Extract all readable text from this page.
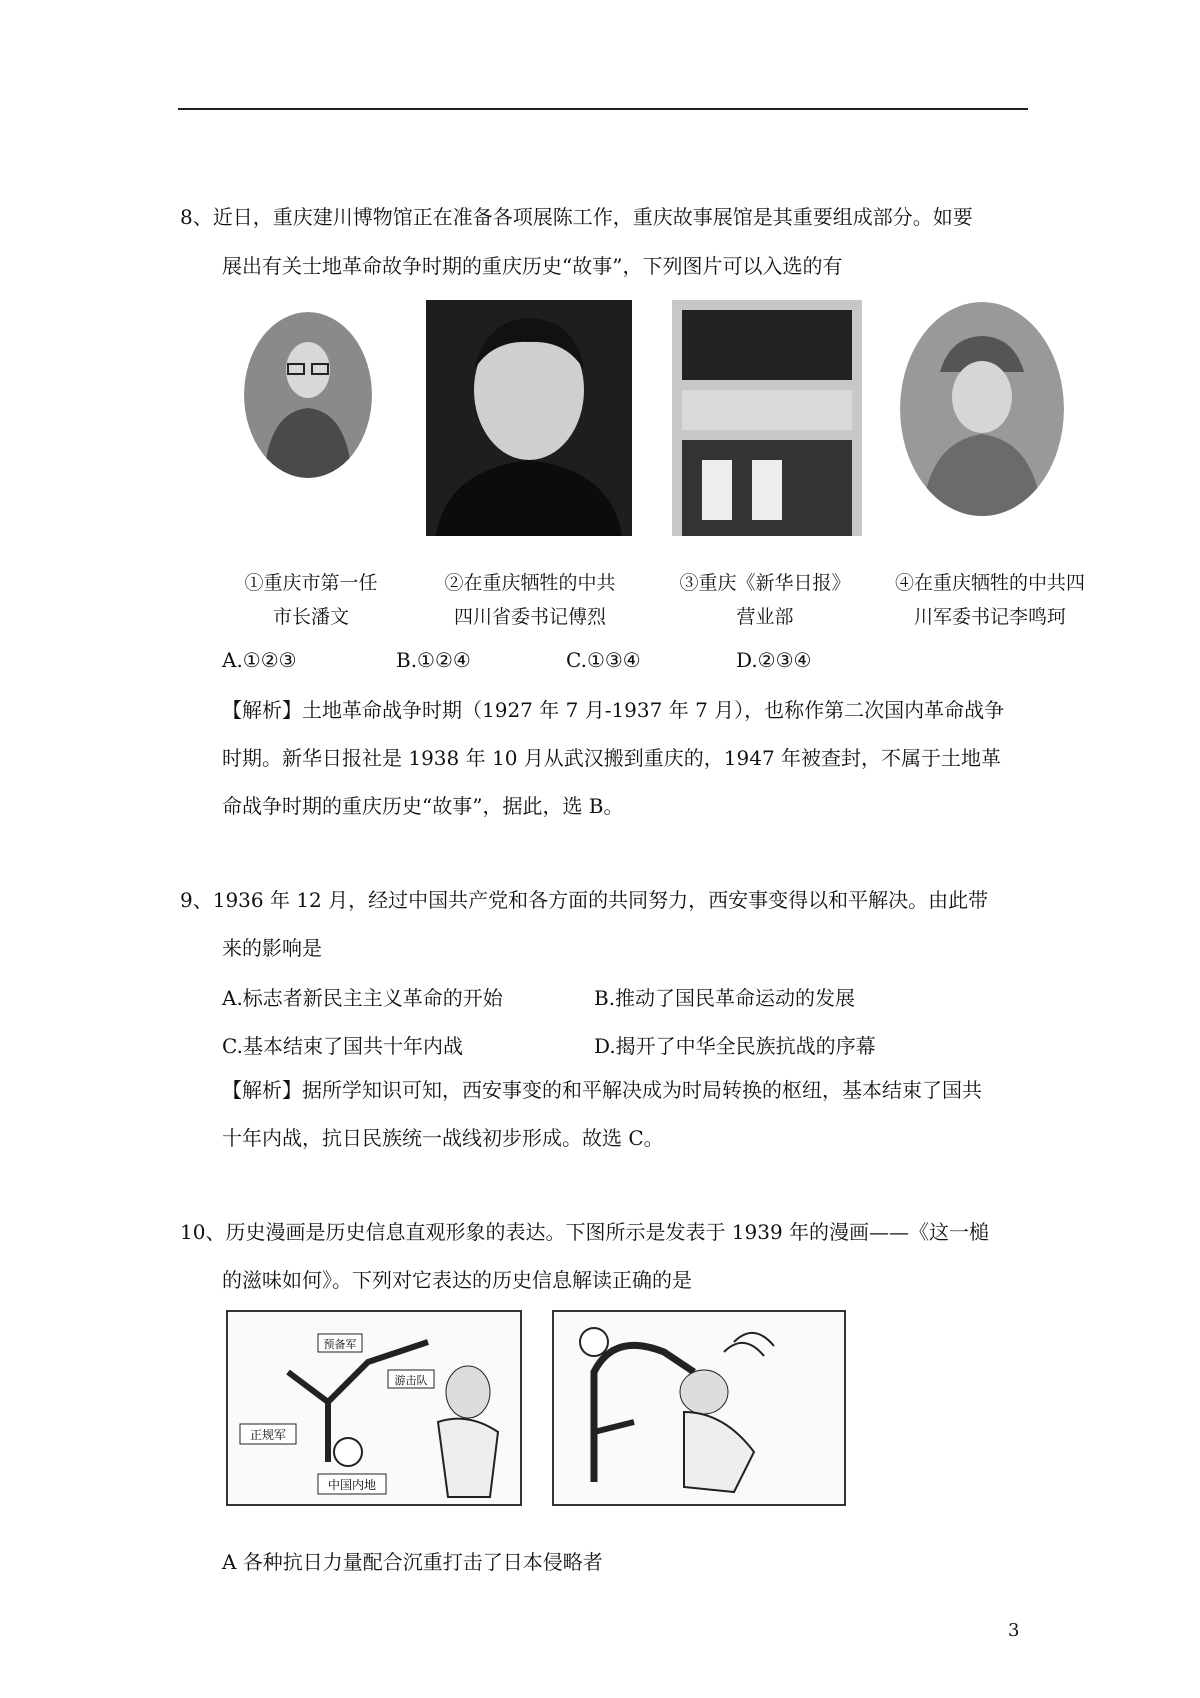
8、近日，重庆建川博物馆正在准备各项展陈工作，重庆故事展馆是其重要组成部分。如要
展出有关士地革命故争时期的重庆历史“故事”，下列图片可以入选的有
①重庆市第一任
市长潘文
②在重庆牺牲的中共
四川省委书记傅烈
③重庆《新华日报》
营业部
④在重庆牺牲的中共四
川军委书记李鸣珂
A.①②③	B.①②④	C.①③④	D.②③④
【解析】土地革命战争时期（1927 年 7 月-1937 年 7 月），也称作第二次国内革命战争
时期。新华日报社是 1938 年 10 月从武汉搬到重庆的，1947 年被查封，不属于土地革
命战争时期的重庆历史“故事”，据此，选 B。
9、1936 年 12 月，经过中国共产党和各方面的共同努力，西安事变得以和平解决。由此带
来的影响是
A.标志者新民主主义革命的开始	B.推动了国民革命运动的发展
C.基本结束了国共十年内战	D.揭开了中华全民族抗战的序幕
【解析】据所学知识可知，西安事变的和平解决成为时局转换的枢纽，基本结束了国共
十年内战，抗日民族统一战线初步形成。故选 C。
10、历史漫画是历史信息直观形象的表达。下图所示是发表于 1939 年的漫画——《这一槌
的滋味如何》。下列对它表达的历史信息解读正确的是
预备军
游击队
正规军
中国内地
A 各种抗日力量配合沉重打击了日本侵略者
3
